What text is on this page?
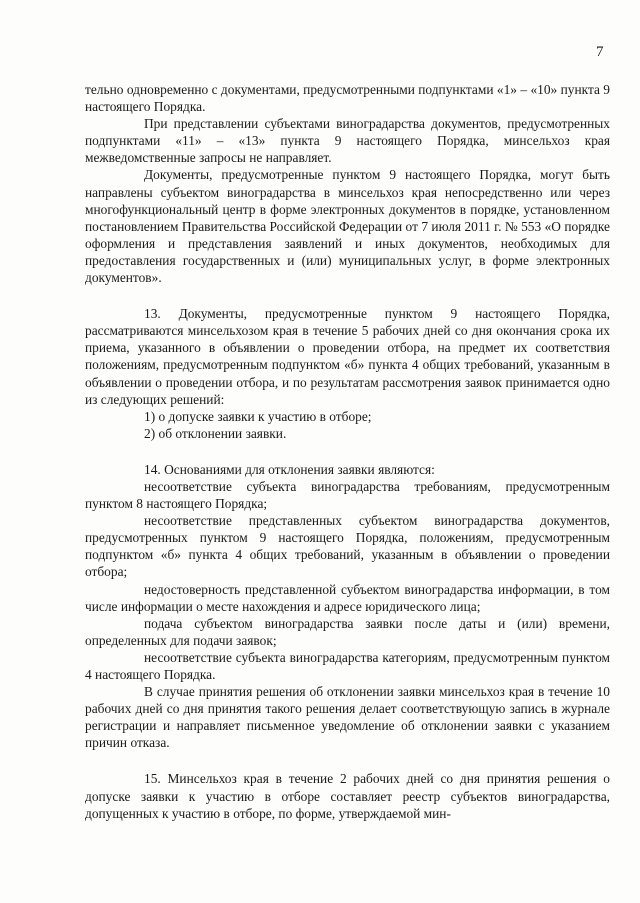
7

тельно одновременно с документами, предусмотренными подпунктами «1» – «10» пункта 9 настоящего Порядка.

При представлении субъектами виноградарства документов, предусмотренных подпунктами «11» – «13» пункта 9 настоящего Порядка, минсельхоз края межведомственные запросы не направляет.

Документы, предусмотренные пунктом 9 настоящего Порядка, могут быть направлены субъектом виноградарства в минсельхоз края непосредственно или через многофункциональный центр в форме электронных документов в порядке, установленном постановлением Правительства Российской Федерации от 7 июля 2011 г. № 553 «О порядке оформления и представления заявлений и иных документов, необходимых для предоставления государственных и (или) муниципальных услуг, в форме электронных документов».

13. Документы, предусмотренные пунктом 9 настоящего Порядка, рассматриваются минсельхозом края в течение 5 рабочих дней со дня окончания срока их приема, указанного в объявлении о проведении отбора, на предмет их соответствия положениям, предусмотренным подпунктом «б» пункта 4 общих требований, указанным в объявлении о проведении отбора, и по результатам рассмотрения заявок принимается одно из следующих решений:

1) о допуске заявки к участию в отборе;

2) об отклонении заявки.

14. Основаниями для отклонения заявки являются:

несоответствие субъекта виноградарства требованиям, предусмотренным пунктом 8 настоящего Порядка;

несоответствие представленных субъектом виноградарства документов, предусмотренных пунктом 9 настоящего Порядка, положениям, предусмотренным подпунктом «б» пункта 4 общих требований, указанным в объявлении о проведении отбора;

недостоверность представленной субъектом виноградарства информации, в том числе информации о месте нахождения и адресе юридического лица;

подача субъектом виноградарства заявки после даты и (или) времени, определенных для подачи заявок;

несоответствие субъекта виноградарства категориям, предусмотренным пунктом 4 настоящего Порядка.

В случае принятия решения об отклонении заявки минсельхоз края в течение 10 рабочих дней со дня принятия такого решения делает соответствующую запись в журнале регистрации и направляет письменное уведомление об отклонении заявки с указанием причин отказа.

15. Минсельхоз края в течение 2 рабочих дней со дня принятия решения о допуске заявки к участию в отборе составляет реестр субъектов виноградарства, допущенных к участию в отборе, по форме, утверждаемой мин-
